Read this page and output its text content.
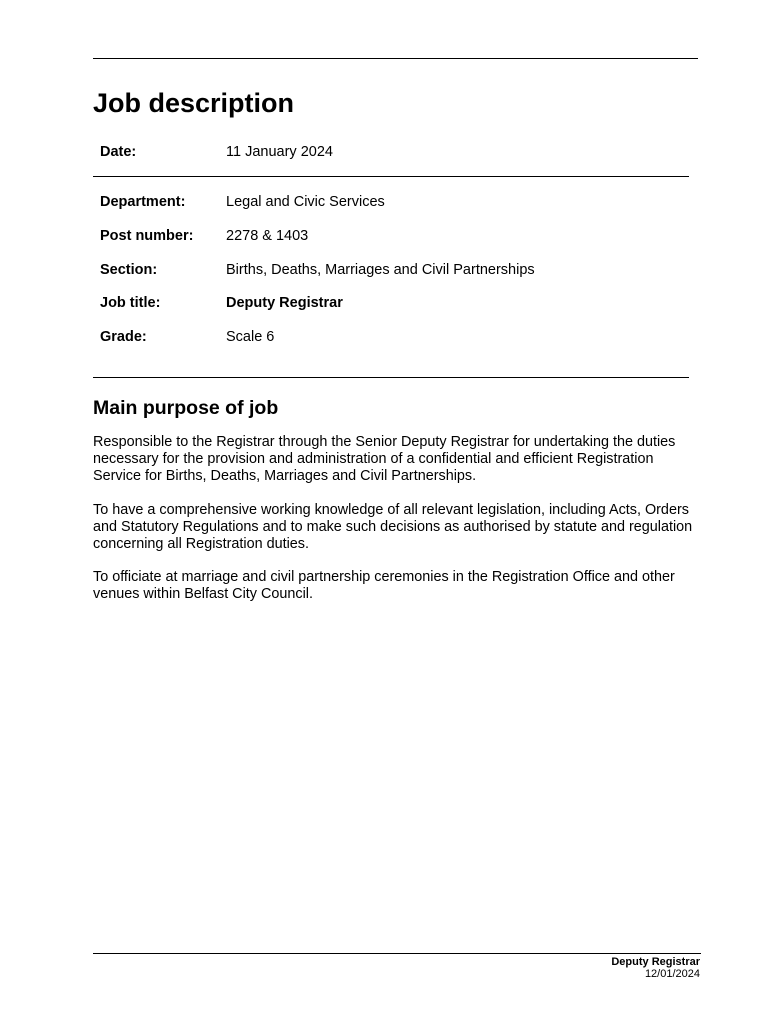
Job description
Date:	11 January 2024
Department:	Legal and Civic Services
Post number: 2278 & 1403
Section:	Births, Deaths, Marriages and Civil Partnerships
Job title:	Deputy Registrar
Grade:	Scale 6
Main purpose of job

Responsible to the Registrar through the Senior Deputy Registrar for undertaking the duties necessary for the provision and administration of a confidential and efficient Registration Service for Births, Deaths, Marriages and Civil Partnerships.

To have a comprehensive working knowledge of all relevant legislation, including Acts, Orders and Statutory Regulations and to make such decisions as authorised by statute and regulation concerning all Registration duties.

To officiate at marriage and civil partnership ceremonies in the Registration Office and other venues within Belfast City Council.

Deputy Registrar
12/01/2024
